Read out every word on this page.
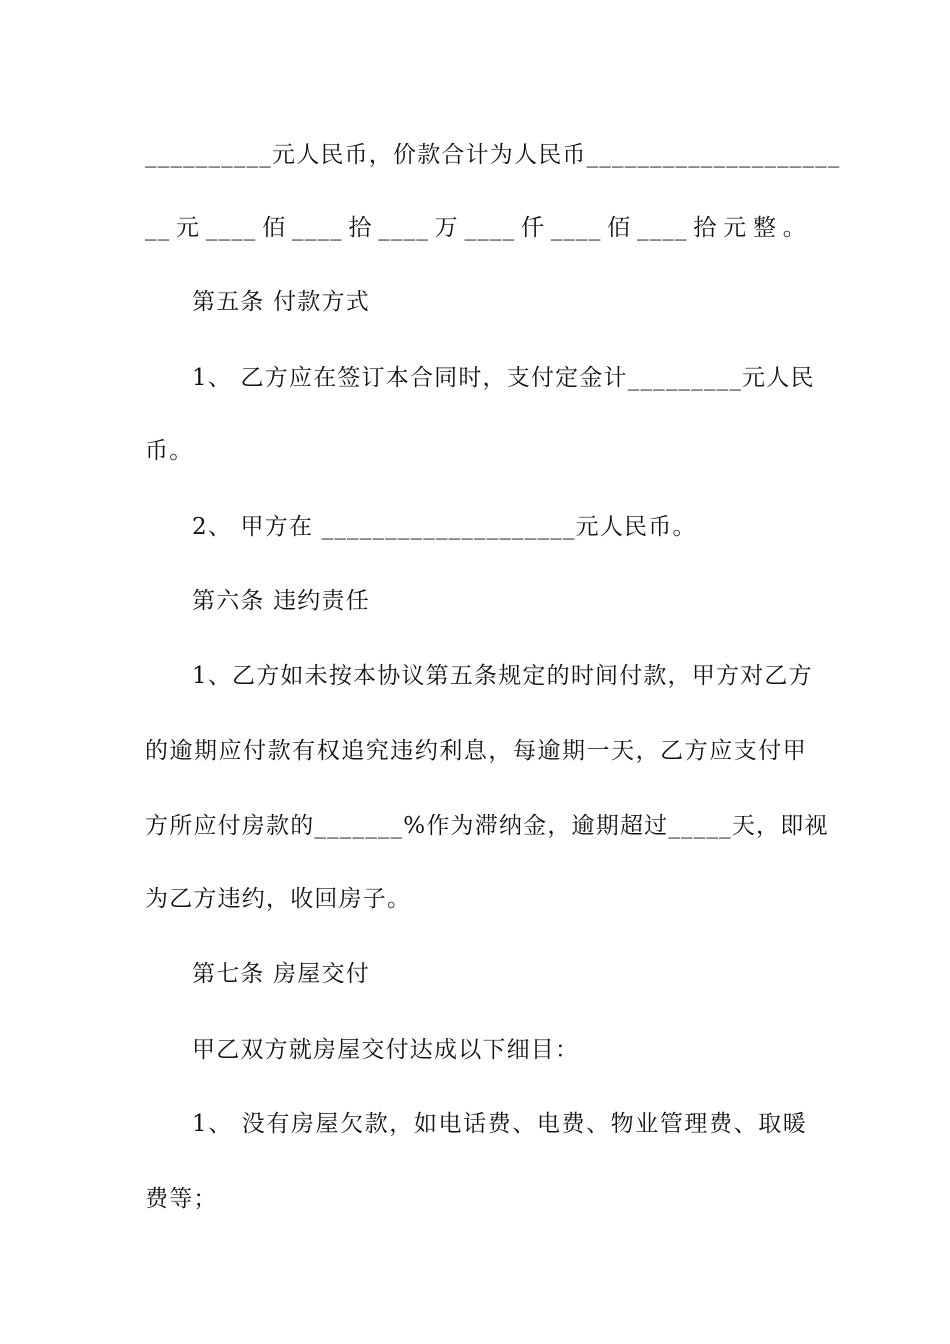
__________元人民币，价款合计为人民币____________________
__元____佰____拾____万____仟____佰____拾元整。
第五条 付款方式
1、 乙方应在签订本合同时，支付定金计_________元人民
币。
2、 甲方在 ____________________元人民币。
第六条 违约责任
1、乙方如未按本协议第五条规定的时间付款，甲方对乙方
的逾期应付款有权追究违约利息，每逾期一天，乙方应支付甲
方所应付房款的_______%作为滞纳金，逾期超过_____天，即视
为乙方违约，收回房子。
第七条 房屋交付
甲乙双方就房屋交付达成以下细目：
1、 没有房屋欠款，如电话费、电费、物业管理费、取暖
费等；
